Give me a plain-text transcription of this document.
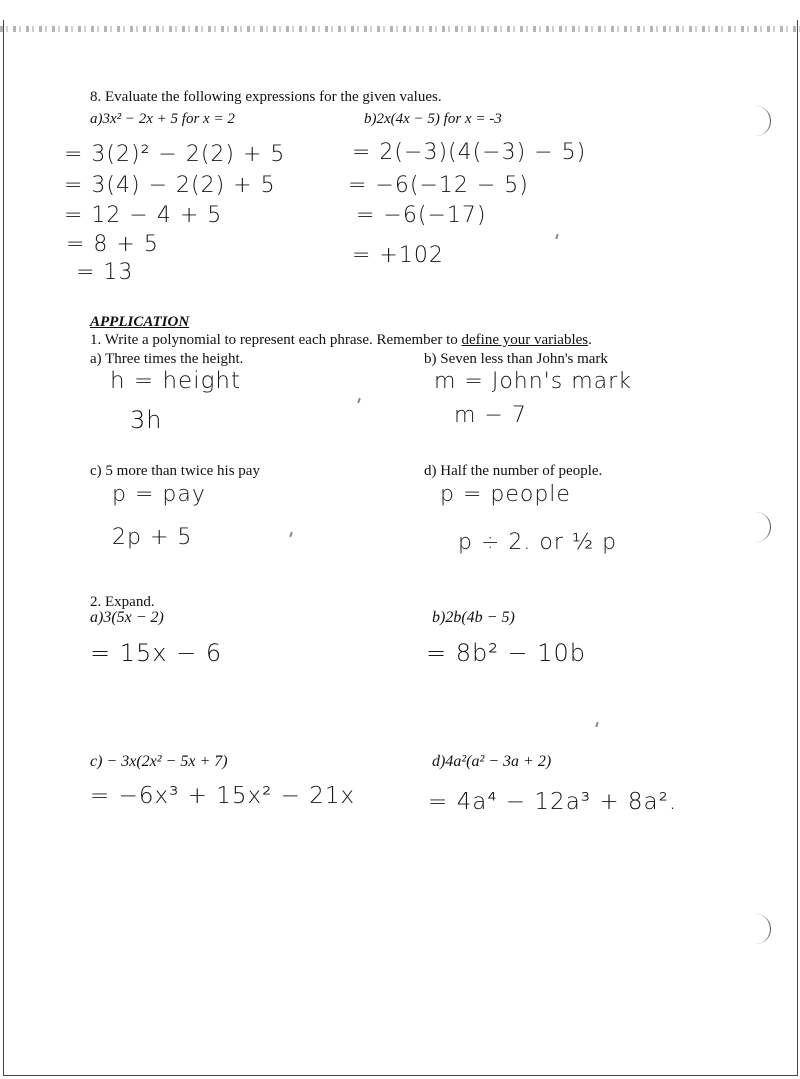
8. Evaluate the following expressions for the given values.
a)3x² − 2x + 5 for x = 2	b)2x(4x − 5) for x = -3
= 3(2)² − 2(2) + 5
= 3(4) − 2(2) + 5
= 12 − 4 + 5
= 8 + 5
= 13
= 2(−3)(4(−3) − 5)
= −6(−12 − 5)
= −6(−17)
= +102
APPLICATION
1. Write a polynomial to represent each phrase. Remember to define your variables.
a) Three times the height.	b) Seven less than John's mark
h = height
3h
m = John's mark
m − 7
c) 5 more than twice his pay	d) Half the number of people.
p = pay
2p + 5
p = people
p ÷ 2. or ½ p
2. Expand.
a)3(5x − 2)	b)2b(4b − 5)
= 15x − 6	= 8b² − 10b
c) − 3x(2x² − 5x + 7)	d)4a²(a² − 3a + 2)
= −6x³ + 15x² − 21x	= 4a⁴ − 12a³ + 8a².
